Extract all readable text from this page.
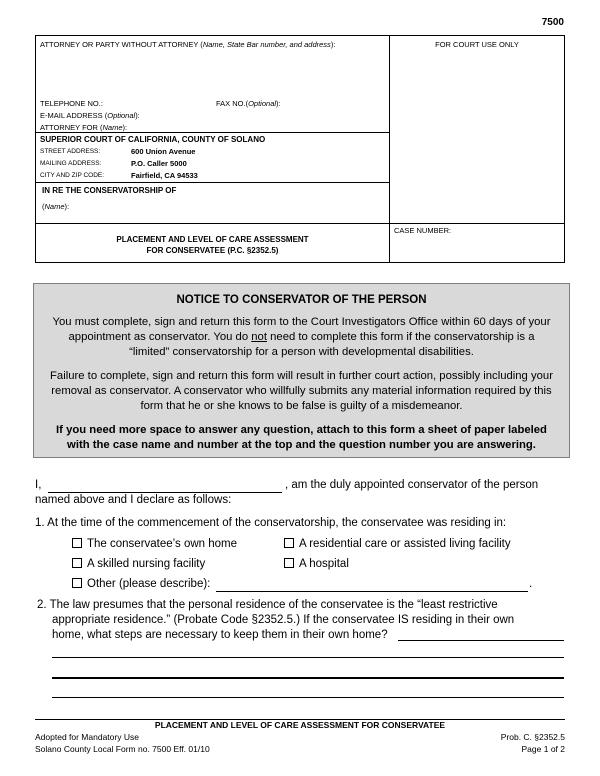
7500
ATTORNEY OR PARTY WITHOUT ATTORNEY (Name, State Bar number, and address):	FOR COURT USE ONLY
TELEPHONE NO.:	FAX NO.(Optional):
E-MAIL ADDRESS (Optional):
ATTORNEY FOR (Name):
SUPERIOR COURT OF CALIFORNIA, COUNTY OF SOLANO
STREET ADDRESS:	600 Union Avenue
MAILING ADDRESS:	P.O. Caller 5000
CITY AND ZIP CODE:	Fairfield, CA 94533
IN RE THE CONSERVATORSHIP OF
(Name):
PLACEMENT AND LEVEL OF CARE ASSESSMENT
FOR CONSERVATEE (P.C. §2352.5)
CASE NUMBER:

NOTICE TO CONSERVATOR OF THE PERSON

You must complete, sign and return this form to the Court Investigators Office within 60 days of your

appointment as conservator. You do not need to complete this form if the conservatorship is a

“limited” conservatorship for a person with developmental disabilities.

Failure to complete, sign and return this form will result in further court action, possibly including your

removal as conservator. A conservator who willfully submits any material information required by this

form that he or she knows to be false is guilty of a misdemeanor.

If you need more space to answer any question, attach to this form a sheet of paper labeled

with the case name and number at the top and the question number you are answering.

I,	, am the duly appointed conservator of the person
named above and I declare as follows:
1. At the time of the commencement of the conservatorship, the conservatee was residing in:
The conservatee’s own home	A residential care or assisted living facility
A skilled nursing facility	A hospital
Other (please describe):	.
2. The law presumes that the personal residence of the conservatee is the “least restrictive
appropriate residence.” (Probate Code §2352.5.) If the conservatee IS residing in their own
home, what steps are necessary to keep them in their own home?
PLACEMENT AND LEVEL OF CARE ASSESSMENT FOR CONSERVATEE
Adopted for Mandatory Use
Solano County Local Form no. 7500 Eff. 01/10
Prob. C. §2352.5
Page 1 of 2
